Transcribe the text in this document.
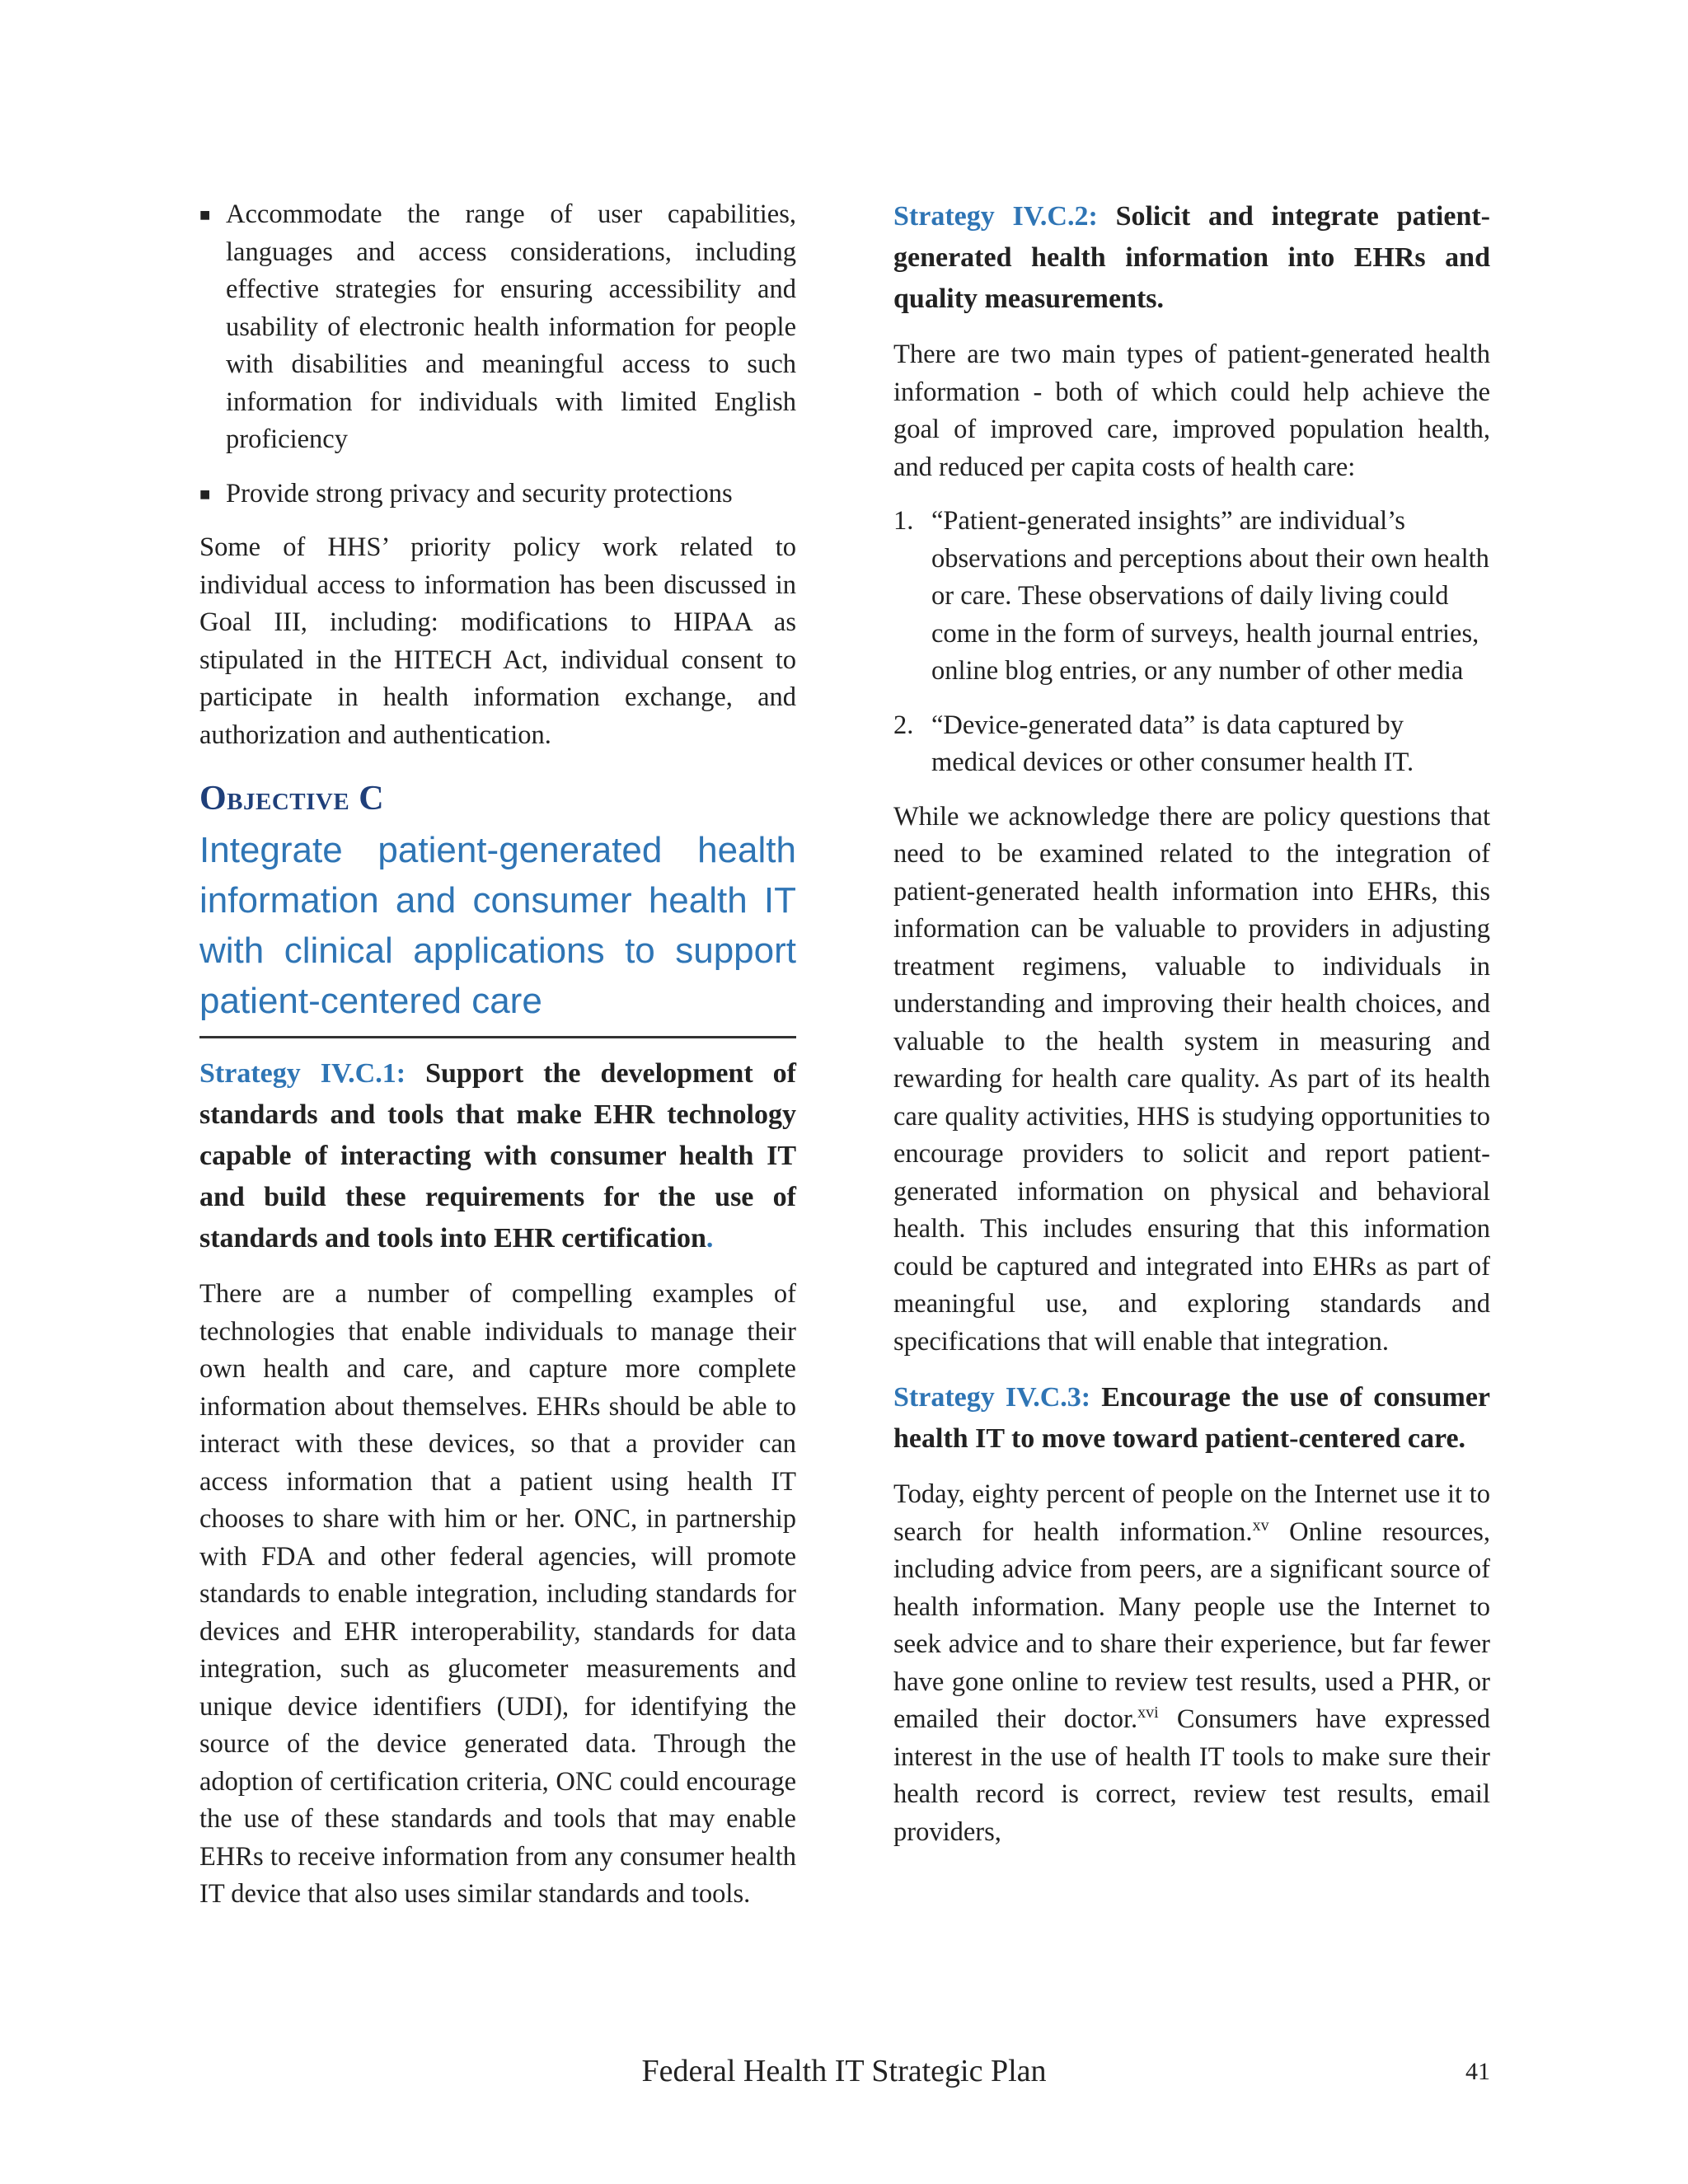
■ Accommodate the range of user capabilities, languages and access considerations, including effective strategies for ensuring accessibility and usability of electronic health information for people with disabilities and meaningful access to such information for individuals with limited English proficiency
■ Provide strong privacy and security protections

Some of HHS’ priority policy work related to individual access to information has been discussed in Goal III, including: modifications to HIPAA as stipulated in the HITECH Act, individual consent to participate in health information exchange, and authorization and authentication.

Objective C
Integrate patient-generated health information and consumer health IT with clinical applications to support patient-centered care

Strategy IV.C.1: Support the development of standards and tools that make EHR technology capable of interacting with consumer health IT and build these requirements for the use of standards and tools into EHR certification.

There are a number of compelling examples of technologies that enable individuals to manage their own health and care, and capture more complete information about themselves. EHRs should be able to interact with these devices, so that a provider can access information that a patient using health IT chooses to share with him or her. ONC, in partnership with FDA and other federal agencies, will promote standards to enable integration, including standards for devices and EHR interoperability, standards for data integration, such as glucometer measurements and unique device identifiers (UDI), for identifying the source of the device generated data. Through the adoption of certification criteria, ONC could encourage the use of these standards and tools that may enable EHRs to receive information from any consumer health IT device that also uses similar standards and tools.

Strategy IV.C.2: Solicit and integrate patient-generated health information into EHRs and quality measurements.

There are two main types of patient-generated health information - both of which could help achieve the goal of improved care, improved population health, and reduced per capita costs of health care:

1. “Patient-generated insights” are individual’s observations and perceptions about their own health or care. These observations of daily living could come in the form of surveys, health journal entries, online blog entries, or any number of other media
2. “Device-generated data” is data captured by medical devices or other consumer health IT.

While we acknowledge there are policy questions that need to be examined related to the integration of patient-generated health information into EHRs, this information can be valuable to providers in adjusting treatment regimens, valuable to individuals in understanding and improving their health choices, and valuable to the health system in measuring and rewarding for health care quality. As part of its health care quality activities, HHS is studying opportunities to encourage providers to solicit and report patient-generated information on physical and behavioral health. This includes ensuring that this information could be captured and integrated into EHRs as part of meaningful use, and exploring standards and specifications that will enable that integration.

Strategy IV.C.3: Encourage the use of consumer health IT to move toward patient-centered care.

Today, eighty percent of people on the Internet use it to search for health information.$^{xv}$ Online resources, including advice from peers, are a significant source of health information. Many people use the Internet to seek advice and to share their experience, but far fewer have gone online to review test results, used a PHR, or emailed their doctor.$^{xvi}$ Consumers have expressed interest in the use of health IT tools to make sure their health record is correct, review test results, email providers,

Federal Health IT Strategic Plan	41
